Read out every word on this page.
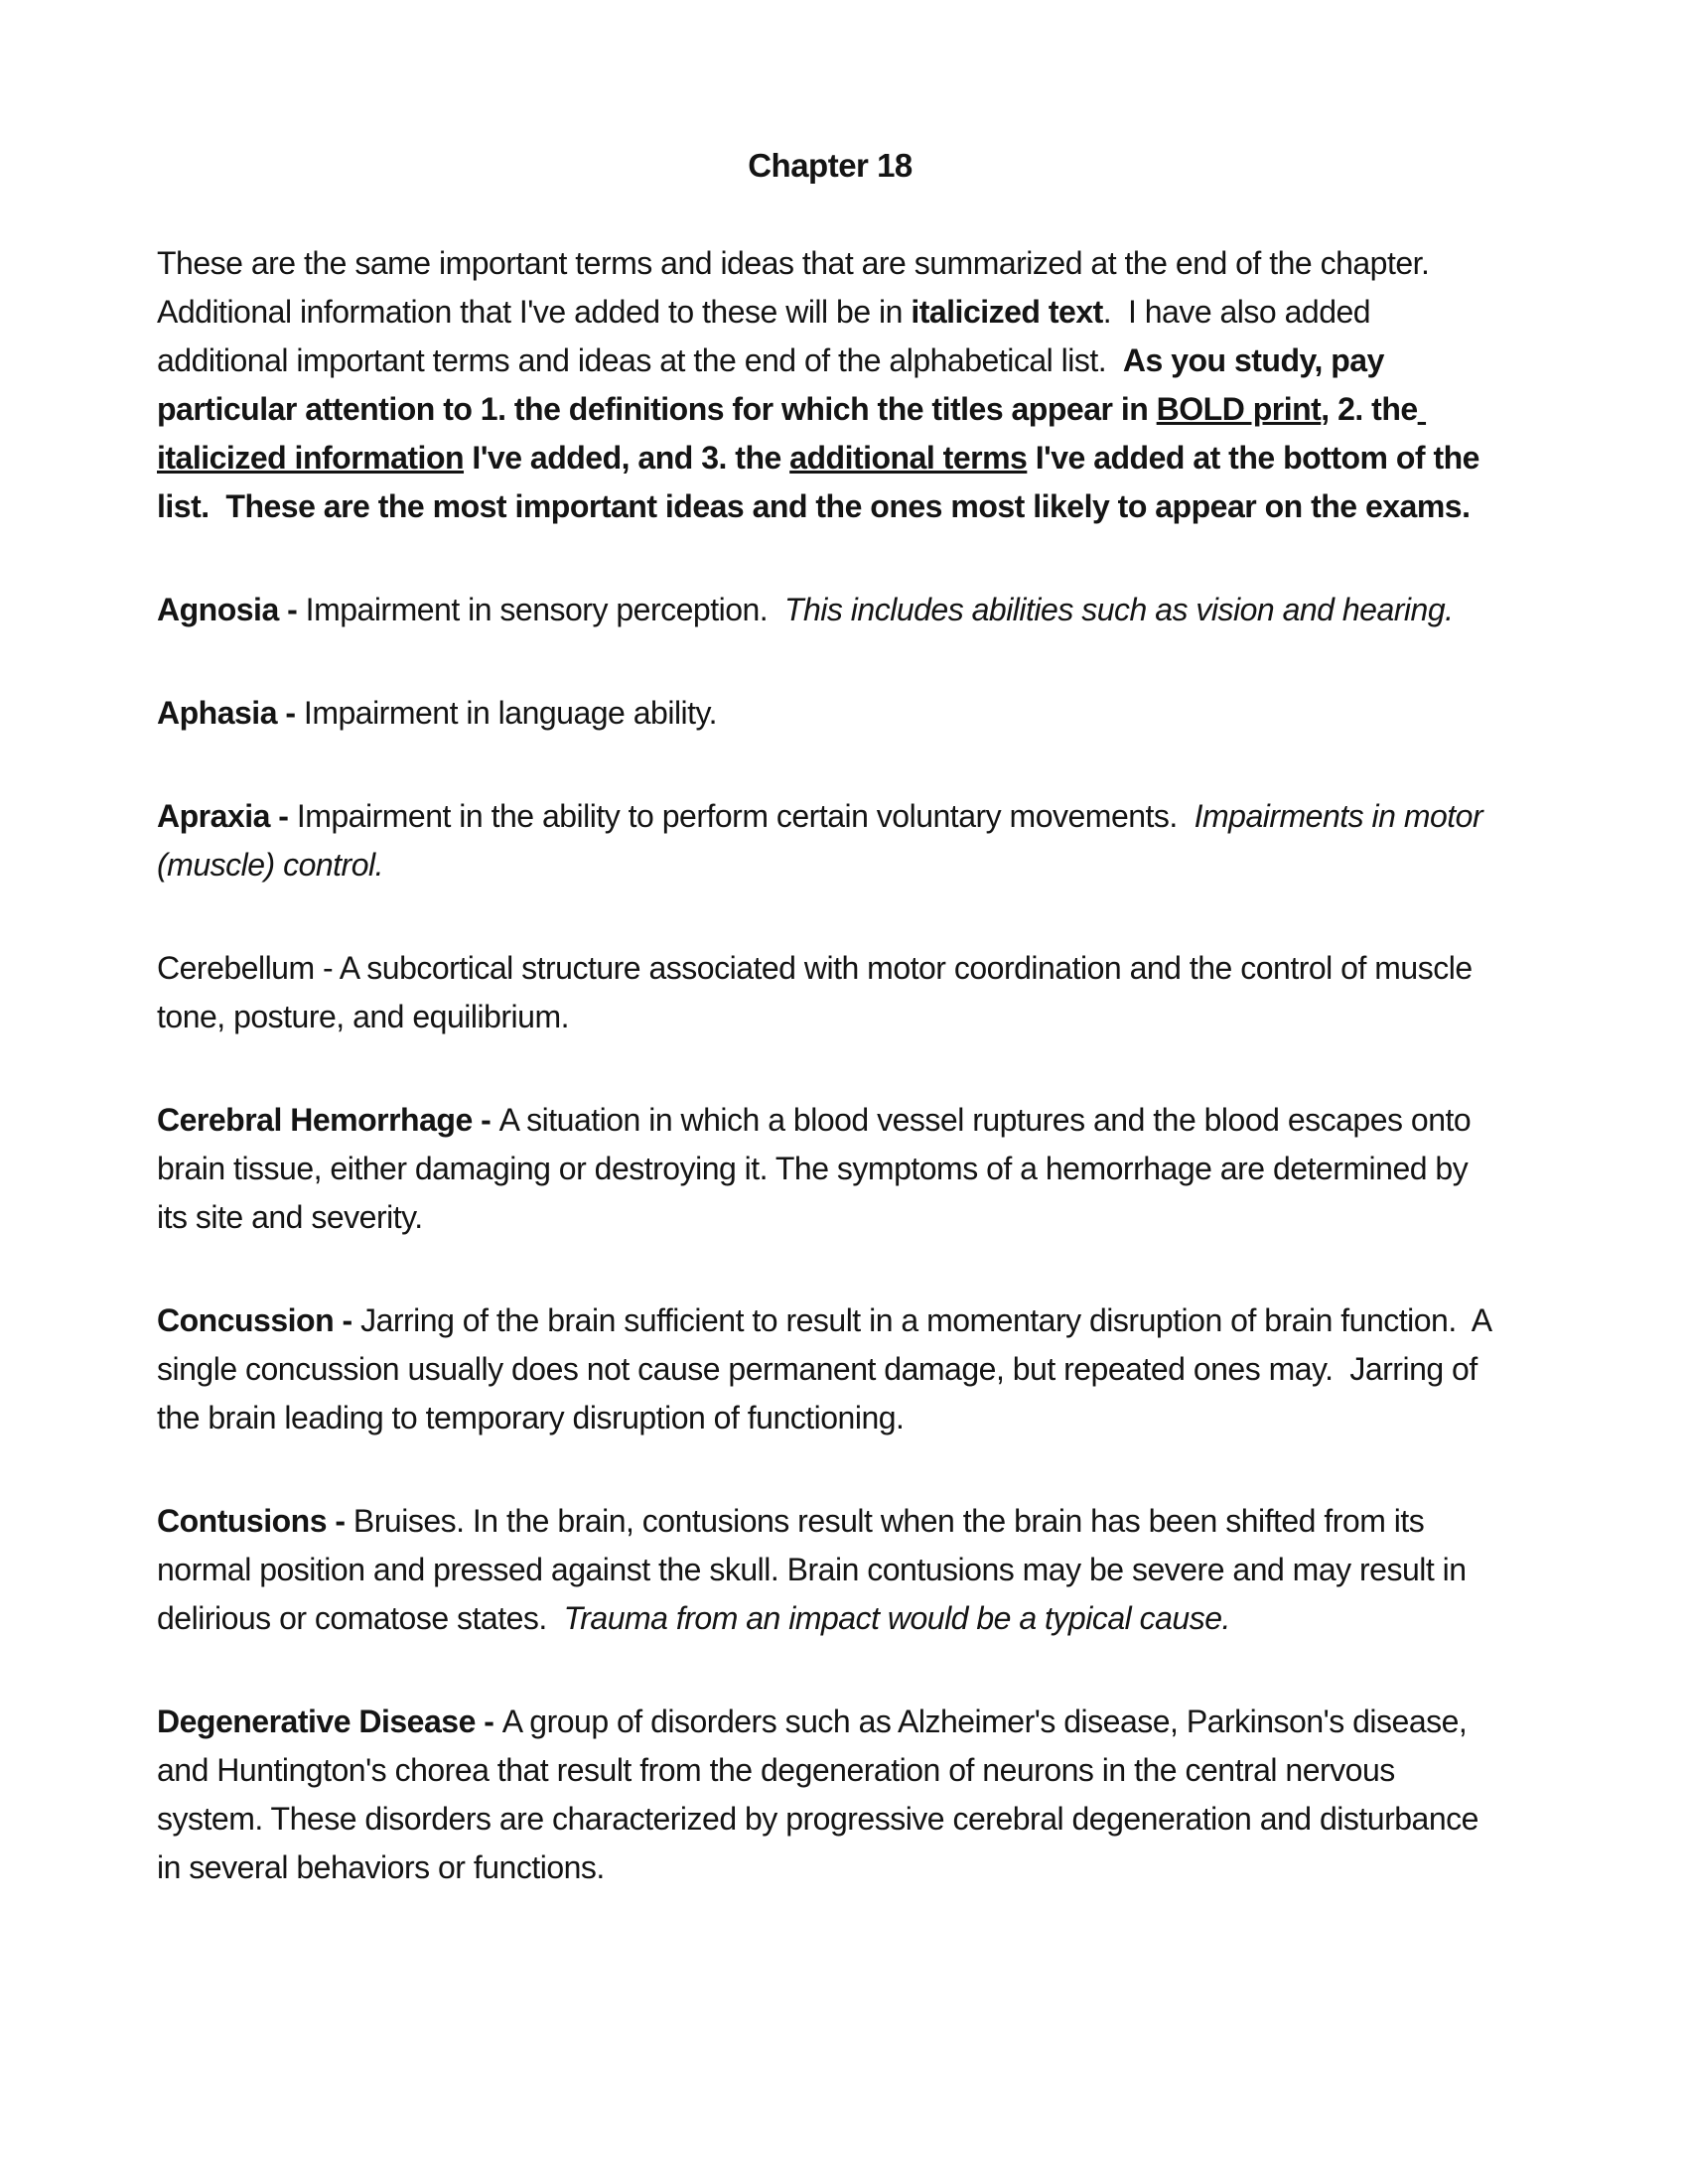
Chapter 18

These are the same important terms and ideas that are summarized at the end of the chapter.  Additional information that I've added to these will be in italicized text.  I have also added additional important terms and ideas at the end of the alphabetical list.  As you study, pay particular attention to 1. the definitions for which the titles appear in BOLD print, 2. the italicized information I've added, and 3. the additional terms I've added at the bottom of the list.  These are the most important ideas and the ones most likely to appear on the exams.

Agnosia - Impairment in sensory perception.  This includes abilities such as vision and hearing.

Aphasia - Impairment in language ability.

Apraxia - Impairment in the ability to perform certain voluntary movements.  Impairments in motor (muscle) control.

Cerebellum - A subcortical structure associated with motor coordination and the control of muscle tone, posture, and equilibrium.

Cerebral Hemorrhage - A situation in which a blood vessel ruptures and the blood escapes onto brain tissue, either damaging or destroying it. The symptoms of a hemorrhage are determined by its site and severity.

Concussion - Jarring of the brain sufficient to result in a momentary disruption of brain function.  A single concussion usually does not cause permanent damage, but repeated ones may.  Jarring of the brain leading to temporary disruption of functioning.

Contusions - Bruises. In the brain, contusions result when the brain has been shifted from its normal position and pressed against the skull. Brain contusions may be severe and may result in delirious or comatose states.  Trauma from an impact would be a typical cause.

Degenerative Disease - A group of disorders such as Alzheimer's disease, Parkinson's disease, and Huntington's chorea that result from the degeneration of neurons in the central nervous system. These disorders are characterized by progressive cerebral degeneration and disturbance in several behaviors or functions.
